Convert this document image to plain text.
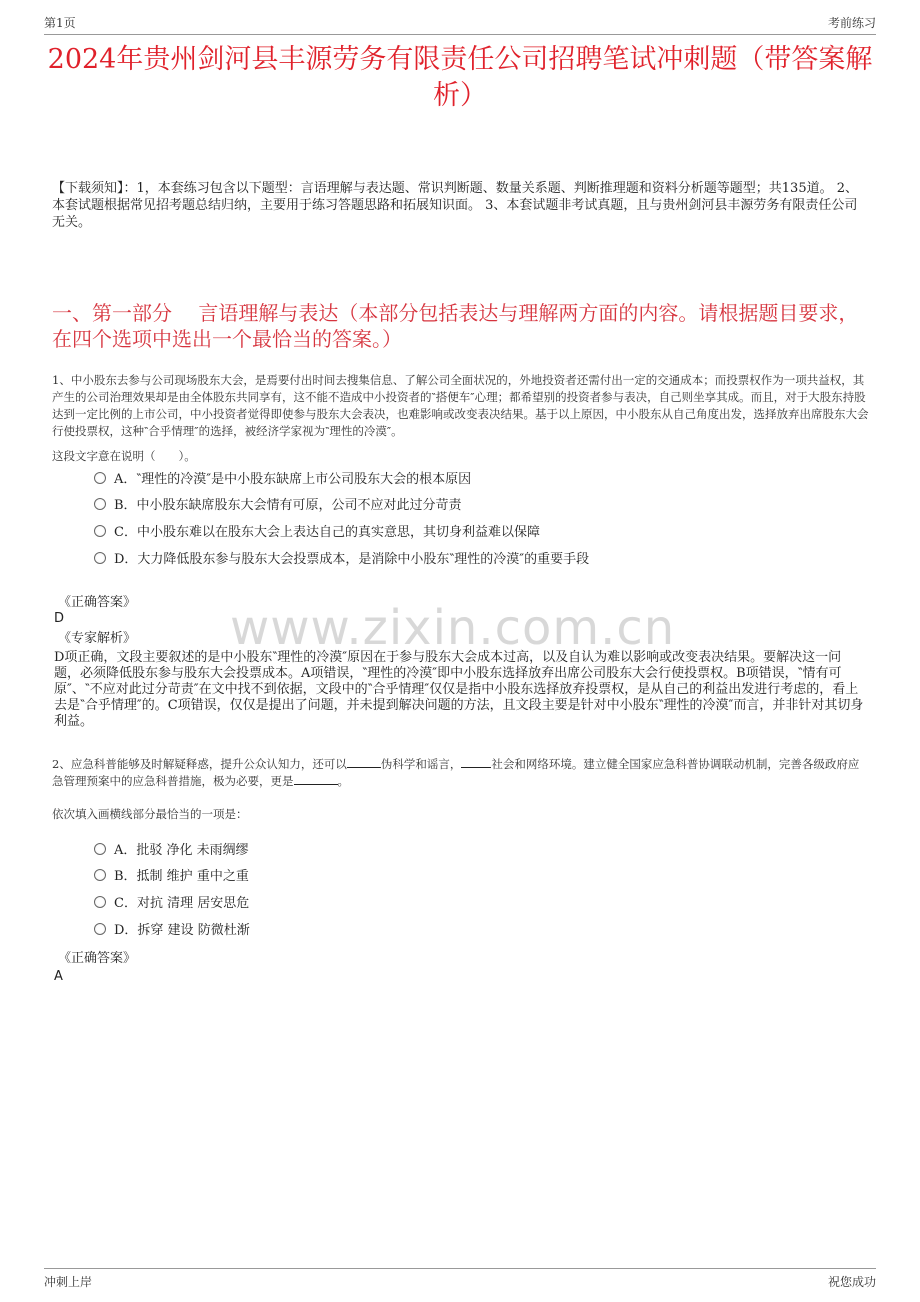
第1页	考前练习
2024年贵州剑河县丰源劳务有限责任公司招聘笔试冲刺题（带答案解析）
【下载须知】：1，本套练习包含以下题型：言语理解与表达题、常识判断题、数量关系题、判断推理题和资料分析题等题型；共135道。 2、本套试题根据常见招考题总结归纳，主要用于练习答题思路和拓展知识面。 3、本套试题非考试真题，且与贵州剑河县丰源劳务有限责任公司无关。
一、第一部分　 言语理解与表达（本部分包括表达与理解两方面的内容。请根据题目要求，在四个选项中选出一个最恰当的答案。）
1、中小股东去参与公司现场股东大会，是焉要付出时间去搜集信息、了解公司全面状况的，外地投资者还需付出一定的交通成本；而投票权作为一项共益权，其产生的公司治理效果却是由全体股东共同享有，这不能不造成中小投资者的‶搭便车″心理；都希望别的投资者参与表决，自己则坐享其成。而且，对于大股东持股达到一定比例的上市公司，中小投资者觉得即使参与股东大会表决，也难影响或改变表决结果。基于以上原因，中小股东从自己角度出发，选择放弃出席股东大会行使投票权，这种‶合乎情理″的选择，被经济学家视为‶理性的冷漠″。
这段文字意在说明（　　）。
A．‶理性的冷漠″是中小股东缺席上市公司股东大会的根本原因
B．中小股东缺席股东大会情有可原，公司不应对此过分苛责
C．中小股东难以在股东大会上表达自己的真实意思，其切身利益难以保障
D．大力降低股东参与股东大会投票成本，是消除中小股东‶理性的冷漠″的重要手段
《正确答案》
D
《专家解析》
D项正确，文段主要叙述的是中小股东‶理性的冷漠″原因在于参与股东大会成本过高，以及自认为难以影响或改变表决结果。要解决这一问题，必须降低股东参与股东大会投票成本。A项错误，‶理性的冷漠″即中小股东选择放弃出席公司股东大会行使投票权。B项错误，‶情有可原″、‶不应对此过分苛责″在文中找不到依据，文段中的‶合乎情理″仅仅是指中小股东选择放弃投票权，是从自己的利益出发进行考虑的，看上去是‶合乎情理″的。C项错误，仅仅是提出了问题，并未提到解决问题的方法，且文段主要是针对中小股东‶理性的冷漠″而言，并非针对其切身利益。
www.zixin.com.cn
2、应急科普能够及时解疑释惑，提升公众认知力，还可以	伪科学和谣言，	社会和网络环境。建立健全国家应急科普协调联动机制，完善各级政府应急管理预案中的应急科普措施，极为必要，更是	。
依次填入画横线部分最恰当的一项是：
A．批驳 净化 未雨绸缪
B．抵制 维护 重中之重
C．对抗 清理 居安思危
D．拆穿 建设 防微杜渐
《正确答案》
A
冲刺上岸	祝您成功
